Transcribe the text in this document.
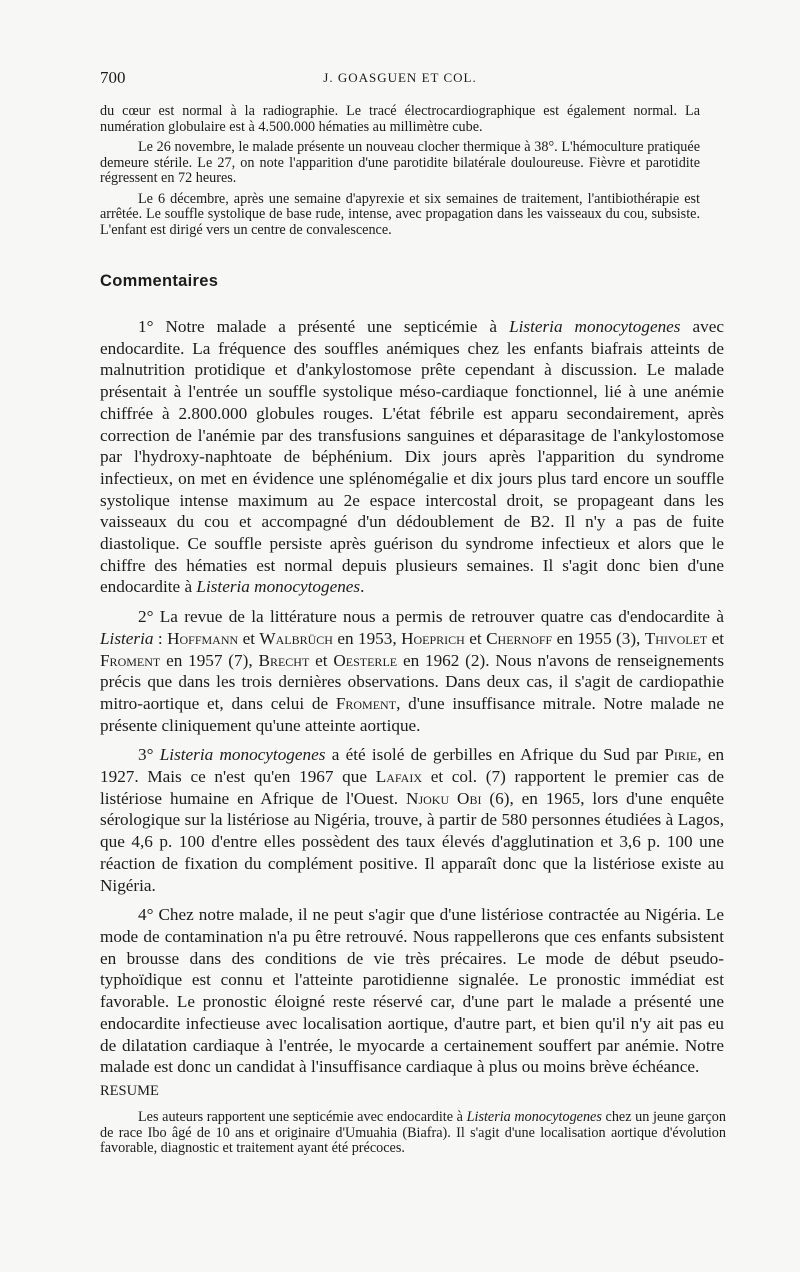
700	J. GOASGUEN ET COL.

du cœur est normal à la radiographie. Le tracé électrocardiographique est également normal. La numération globulaire est à 4.500.000 hématies au millimètre cube.

Le 26 novembre, le malade présente un nouveau clocher thermique à 38°. L'hémoculture pratiquée demeure stérile. Le 27, on note l'apparition d'une parotidite bilatérale douloureuse. Fièvre et parotidite régressent en 72 heures.

Le 6 décembre, après une semaine d'apyrexie et six semaines de traitement, l'antibiothérapie est arrêtée. Le souffle systolique de base rude, intense, avec propagation dans les vaisseaux du cou, subsiste. L'enfant est dirigé vers un centre de convalescence.

Commentaires

1° Notre malade a présenté une septicémie à Listeria monocytogenes avec endocardite. La fréquence des souffles anémiques chez les enfants biafrais atteints de malnutrition protidique et d'ankylostomose prête cependant à discussion. Le malade présentait à l'entrée un souffle systolique méso-cardiaque fonctionnel, lié à une anémie chiffrée à 2.800.000 globules rouges. L'état fébrile est apparu secondairement, après correction de l'anémie par des transfusions sanguines et déparasitage de l'ankylostomose par l'hydroxy-naphtoate de béphénium. Dix jours après l'apparition du syndrome infectieux, on met en évidence une splénomégalie et dix jours plus tard encore un souffle systolique intense maximum au 2e espace intercostal droit, se propageant dans les vaisseaux du cou et accompagné d'un dédoublement de B2. Il n'y a pas de fuite diastolique. Ce souffle persiste après guérison du syndrome infectieux et alors que le chiffre des hématies est normal depuis plusieurs semaines. Il s'agit donc bien d'une endocardite à Listeria monocytogenes.

2° La revue de la littérature nous a permis de retrouver quatre cas d'endocardite à Listeria : Hoffmann et Walbrüch en 1953, Hoeprich et Chernoff en 1955 (3), Thivolet et Froment en 1957 (7), Brecht et Oesterle en 1962 (2). Nous n'avons de renseignements précis que dans les trois dernières observations. Dans deux cas, il s'agit de cardiopathie mitro-aortique et, dans celui de Froment, d'une insuffisance mitrale. Notre malade ne présente cliniquement qu'une atteinte aortique.

3° Listeria monocytogenes a été isolé de gerbilles en Afrique du Sud par Pirie, en 1927. Mais ce n'est qu'en 1967 que Lafaix et col. (7) rapportent le premier cas de listériose humaine en Afrique de l'Ouest. Njoku Obi (6), en 1965, lors d'une enquête sérologique sur la listériose au Nigéria, trouve, à partir de 580 personnes étudiées à Lagos, que 4,6 p. 100 d'entre elles possèdent des taux élevés d'agglutination et 3,6 p. 100 une réaction de fixation du complément positive. Il apparaît donc que la listériose existe au Nigéria.

4° Chez notre malade, il ne peut s'agir que d'une listériose contractée au Nigéria. Le mode de contamination n'a pu être retrouvé. Nous rappellerons que ces enfants subsistent en brousse dans des conditions de vie très précaires. Le mode de début pseudo-typhoïdique est connu et l'atteinte parotidienne signalée. Le pronostic immédiat est favorable. Le pronostic éloigné reste réservé car, d'une part le malade a présenté une endocardite infectieuse avec localisation aortique, d'autre part, et bien qu'il n'y ait pas eu de dilatation cardiaque à l'entrée, le myocarde a certainement souffert par anémie. Notre malade est donc un candidat à l'insuffisance cardiaque à plus ou moins brève échéance.

RESUME

Les auteurs rapportent une septicémie avec endocardite à Listeria monocytogenes chez un jeune garçon de race Ibo âgé de 10 ans et originaire d'Umuahia (Biafra). Il s'agit d'une localisation aortique d'évolution favorable, diagnostic et traitement ayant été précoces.
